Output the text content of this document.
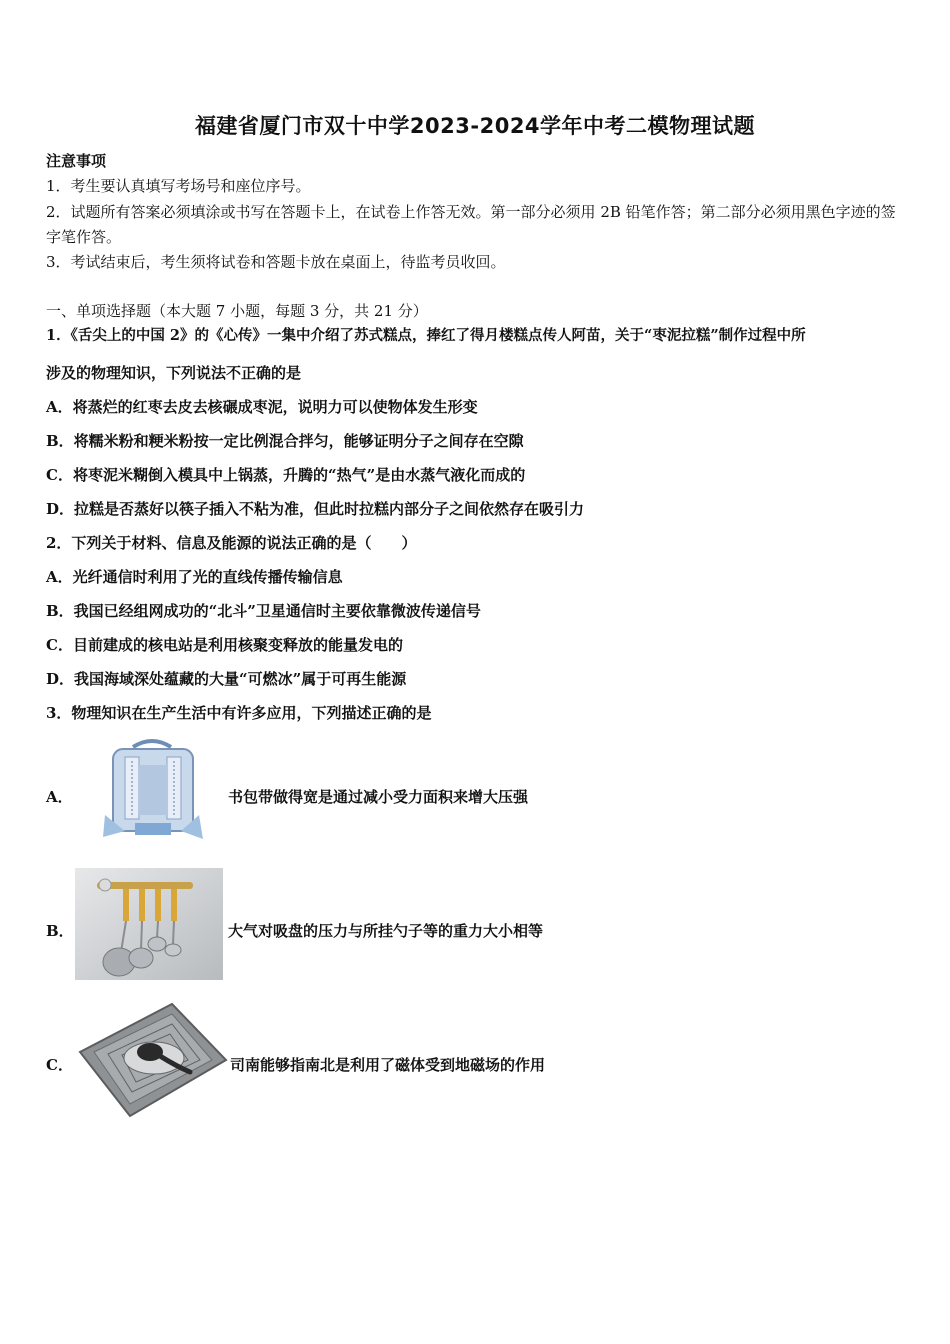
福建省厦门市双十中学2023-2024学年中考二模物理试题
注意事项
1．考生要认真填写考场号和座位序号。
2．试题所有答案必须填涂或书写在答题卡上，在试卷上作答无效。第一部分必须用 2B 铅笔作答；第二部分必须用黑色字迹的签字笔作答。
3．考试结束后，考生须将试卷和答题卡放在桌面上，待监考员收回。
一、单项选择题（本大题 7 小题，每题 3 分，共 21 分）
1．《舌尖上的中国 2》的《心传》一集中介绍了苏式糕点，捧红了得月楼糕点传人阿苗，关于“枣泥拉糕”制作过程中所
涉及的物理知识，下列说法不正确的是
A．将蒸烂的红枣去皮去核碾成枣泥，说明力可以使物体发生形变
B．将糯米粉和粳米粉按一定比例混合拌匀，能够证明分子之间存在空隙
C．将枣泥米糊倒入模具中上锅蒸，升腾的“热气”是由水蒸气液化而成的
D．拉糕是否蒸好以筷子插入不粘为准，但此时拉糕内部分子之间依然存在吸引力
2．下列关于材料、信息及能源的说法正确的是（　　）
A．光纤通信时利用了光的直线传播传输信息
B．我国已经组网成功的“北斗”卫星通信时主要依靠微波传递信号
C．目前建成的核电站是利用核聚变释放的能量发电的
D．我国海域深处蕴藏的大量“可燃冰”属于可再生能源
3．物理知识在生产生活中有许多应用，下列描述正确的是
A．	书包带做得宽是通过减小受力面积来增大压强
B．	大气对吸盘的压力与所挂勺子等的重力大小相等
C．	司南能够指南北是利用了磁体受到地磁场的作用
